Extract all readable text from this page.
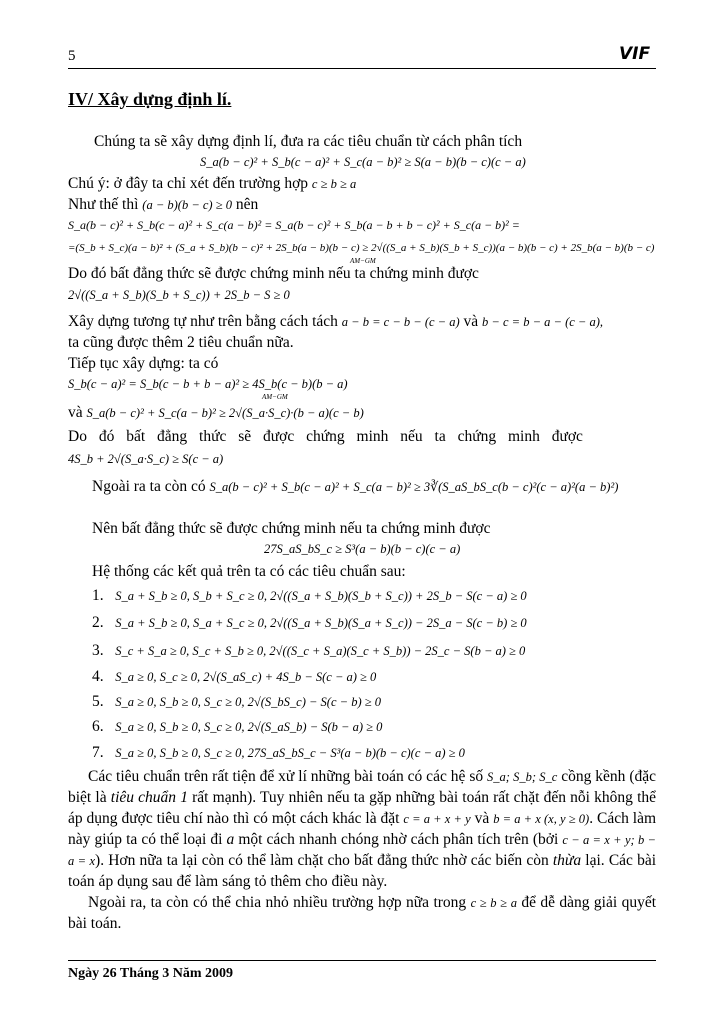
5	VIF
IV/ Xây dựng định lí.
Chúng ta sẽ xây dựng định lí, đưa ra các tiêu chuẩn từ cách phân tích
S_a(b − c)² + S_b(c − a)² + S_c(a − b)² ≥ S(a − b)(b − c)(c − a)
Chú ý: ở đây ta chỉ xét đến trường hợp c ≥ b ≥ a
Như thế thì (a − b)(b − c) ≥ 0 nên
S_a(b − c)² + S_b(c − a)² + S_c(a − b)² = S_a(b − c)² + S_b(a − b + b − c)² + S_c(a − b)² =
=(S_b + S_c)(a − b)² + (S_a + S_b)(b − c)² + 2S_b(a − b)(b − c) ≥ 2√((S_a + S_b)(S_b + S_c))(a − b)(b − c) + 2S_b(a − b)(b − c)
AM−GM
Do đó bất đẳng thức sẽ được chứng minh nếu ta chứng minh được
2√((S_a + S_b)(S_b + S_c)) + 2S_b − S ≥ 0
Xây dựng tương tự như trên bằng cách tách a − b = c − b − (c − a) và b − c = b − a − (c − a),
ta cũng được thêm 2 tiêu chuẩn nữa.
Tiếp tục xây dựng: ta có
S_b(c − a)² = S_b(c − b + b − a)² ≥ 4S_b(c − b)(b − a)
AM−GM
và S_a(b − c)² + S_c(a − b)² ≥ 2√(S_a·S_c)·(b − a)(c − b)
Do đó bất đẳng thức sẽ được chứng minh nếu ta chứng minh được
4S_b + 2√(S_a·S_c) ≥ S(c − a)
Ngoài ra ta còn có S_a(b − c)² + S_b(c − a)² + S_c(a − b)² ≥ 3∛(S_aS_bS_c(b − c)²(c − a)²(a − b)²)
Nên bất đẳng thức sẽ được chứng minh nếu ta chứng minh được
27S_aS_bS_c ≥ S³(a − b)(b − c)(c − a)
Hệ thống các kết quả trên ta có các tiêu chuẩn sau:
1. S_a + S_b ≥ 0, S_b + S_c ≥ 0, 2√((S_a + S_b)(S_b + S_c)) + 2S_b − S(c − a) ≥ 0
2. S_a + S_b ≥ 0, S_a + S_c ≥ 0, 2√((S_a + S_b)(S_a + S_c)) − 2S_a − S(c − b) ≥ 0
3. S_c + S_a ≥ 0, S_c + S_b ≥ 0, 2√((S_c + S_a)(S_c + S_b)) − 2S_c − S(b − a) ≥ 0
4. S_a ≥ 0, S_c ≥ 0, 2√(S_aS_c) + 4S_b − S(c − a) ≥ 0
5. S_a ≥ 0, S_b ≥ 0, S_c ≥ 0, 2√(S_bS_c) − S(c − b) ≥ 0
6. S_a ≥ 0, S_b ≥ 0, S_c ≥ 0, 2√(S_aS_b) − S(b − a) ≥ 0
7. S_a ≥ 0, S_b ≥ 0, S_c ≥ 0, 27S_aS_bS_c − S³(a − b)(b − c)(c − a) ≥ 0

Các tiêu chuẩn trên rất tiện để xử lí những bài toán có các hệ số S_a; S_b; S_c cồng kềnh (đặc biệt là tiêu chuẩn 1 rất mạnh). Tuy nhiên nếu ta gặp những bài toán rất chặt đến nỗi không thể áp dụng được tiêu chí nào thì có một cách khác là đặt c = a + x + y và b = a + x (x, y ≥ 0). Cách làm này giúp ta có thể loại đi a một cách nhanh chóng nhờ cách phân tích trên (bởi c − a = x + y; b − a = x). Hơn nữa ta lại còn có thể làm chặt cho bất đẳng thức nhờ các biến còn thừa lại. Các bài toán áp dụng sau để làm sáng tỏ thêm cho điều này.

Ngoài ra, ta còn có thể chia nhỏ nhiều trường hợp nữa trong c ≥ b ≥ a để dễ dàng giải quyết bài toán.

Ngày 26 Tháng 3 Năm 2009
